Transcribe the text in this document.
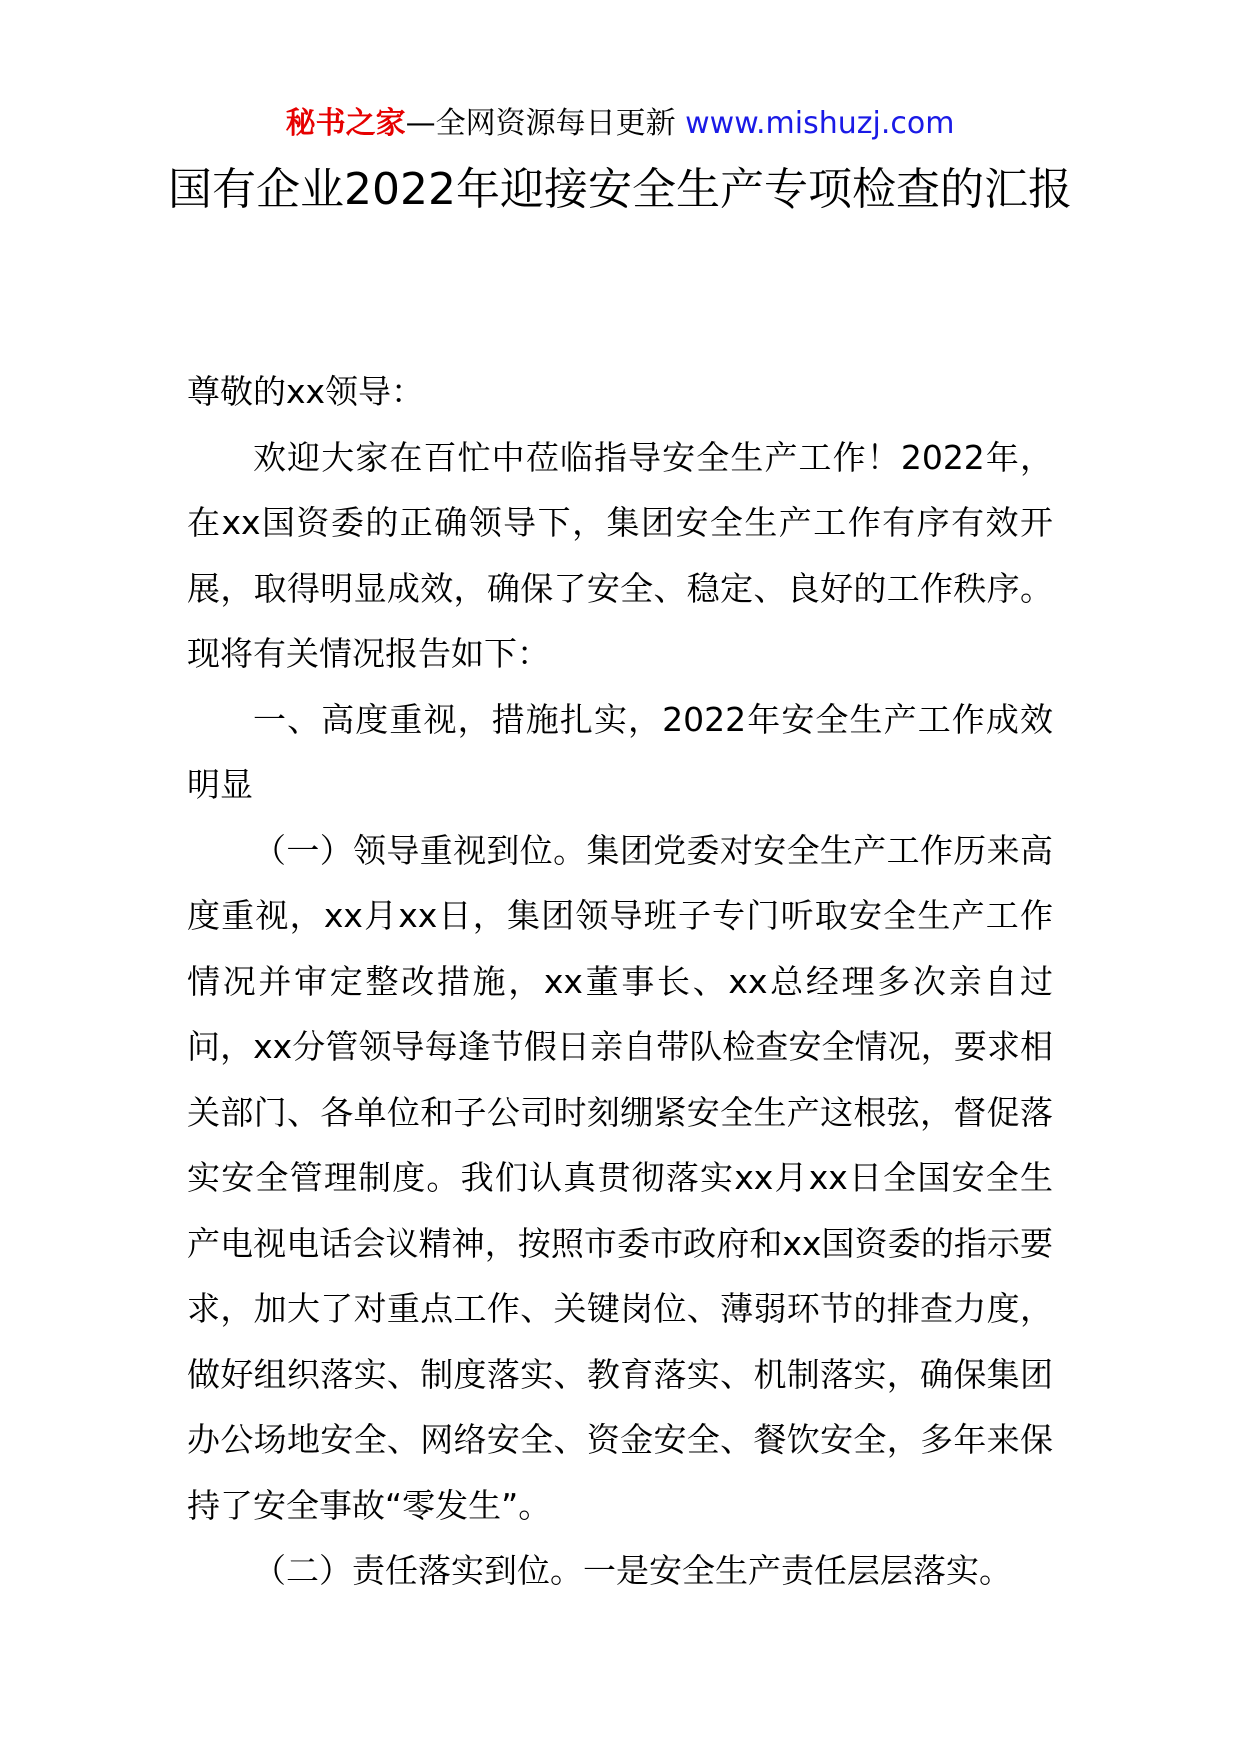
秘书之家—全网资源每日更新 www.mishuzj.com
国有企业2022年迎接安全生产专项检查的汇报

尊敬的xx领导：

欢迎大家在百忙中莅临指导安全生产工作！2022年，在xx国资委的正确领导下，集团安全生产工作有序有效开展，取得明显成效，确保了安全、稳定、良好的工作秩序。现将有关情况报告如下：

一、高度重视，措施扎实，2022年安全生产工作成效明显

（一）领导重视到位。集团党委对安全生产工作历来高度重视，xx月xx日，集团领导班子专门听取安全生产工作情况并审定整改措施，xx董事长、xx总经理多次亲自过问，xx分管领导每逢节假日亲自带队检查安全情况，要求相关部门、各单位和子公司时刻绷紧安全生产这根弦，督促落实安全管理制度。我们认真贯彻落实xx月xx日全国安全生产电视电话会议精神，按照市委市政府和xx国资委的指示要求，加大了对重点工作、关键岗位、薄弱环节的排查力度，做好组织落实、制度落实、教育落实、机制落实，确保集团办公场地安全、网络安全、资金安全、餐饮安全，多年来保持了安全事故“零发生”。

（二）责任落实到位。一是安全生产责任层层落实。
